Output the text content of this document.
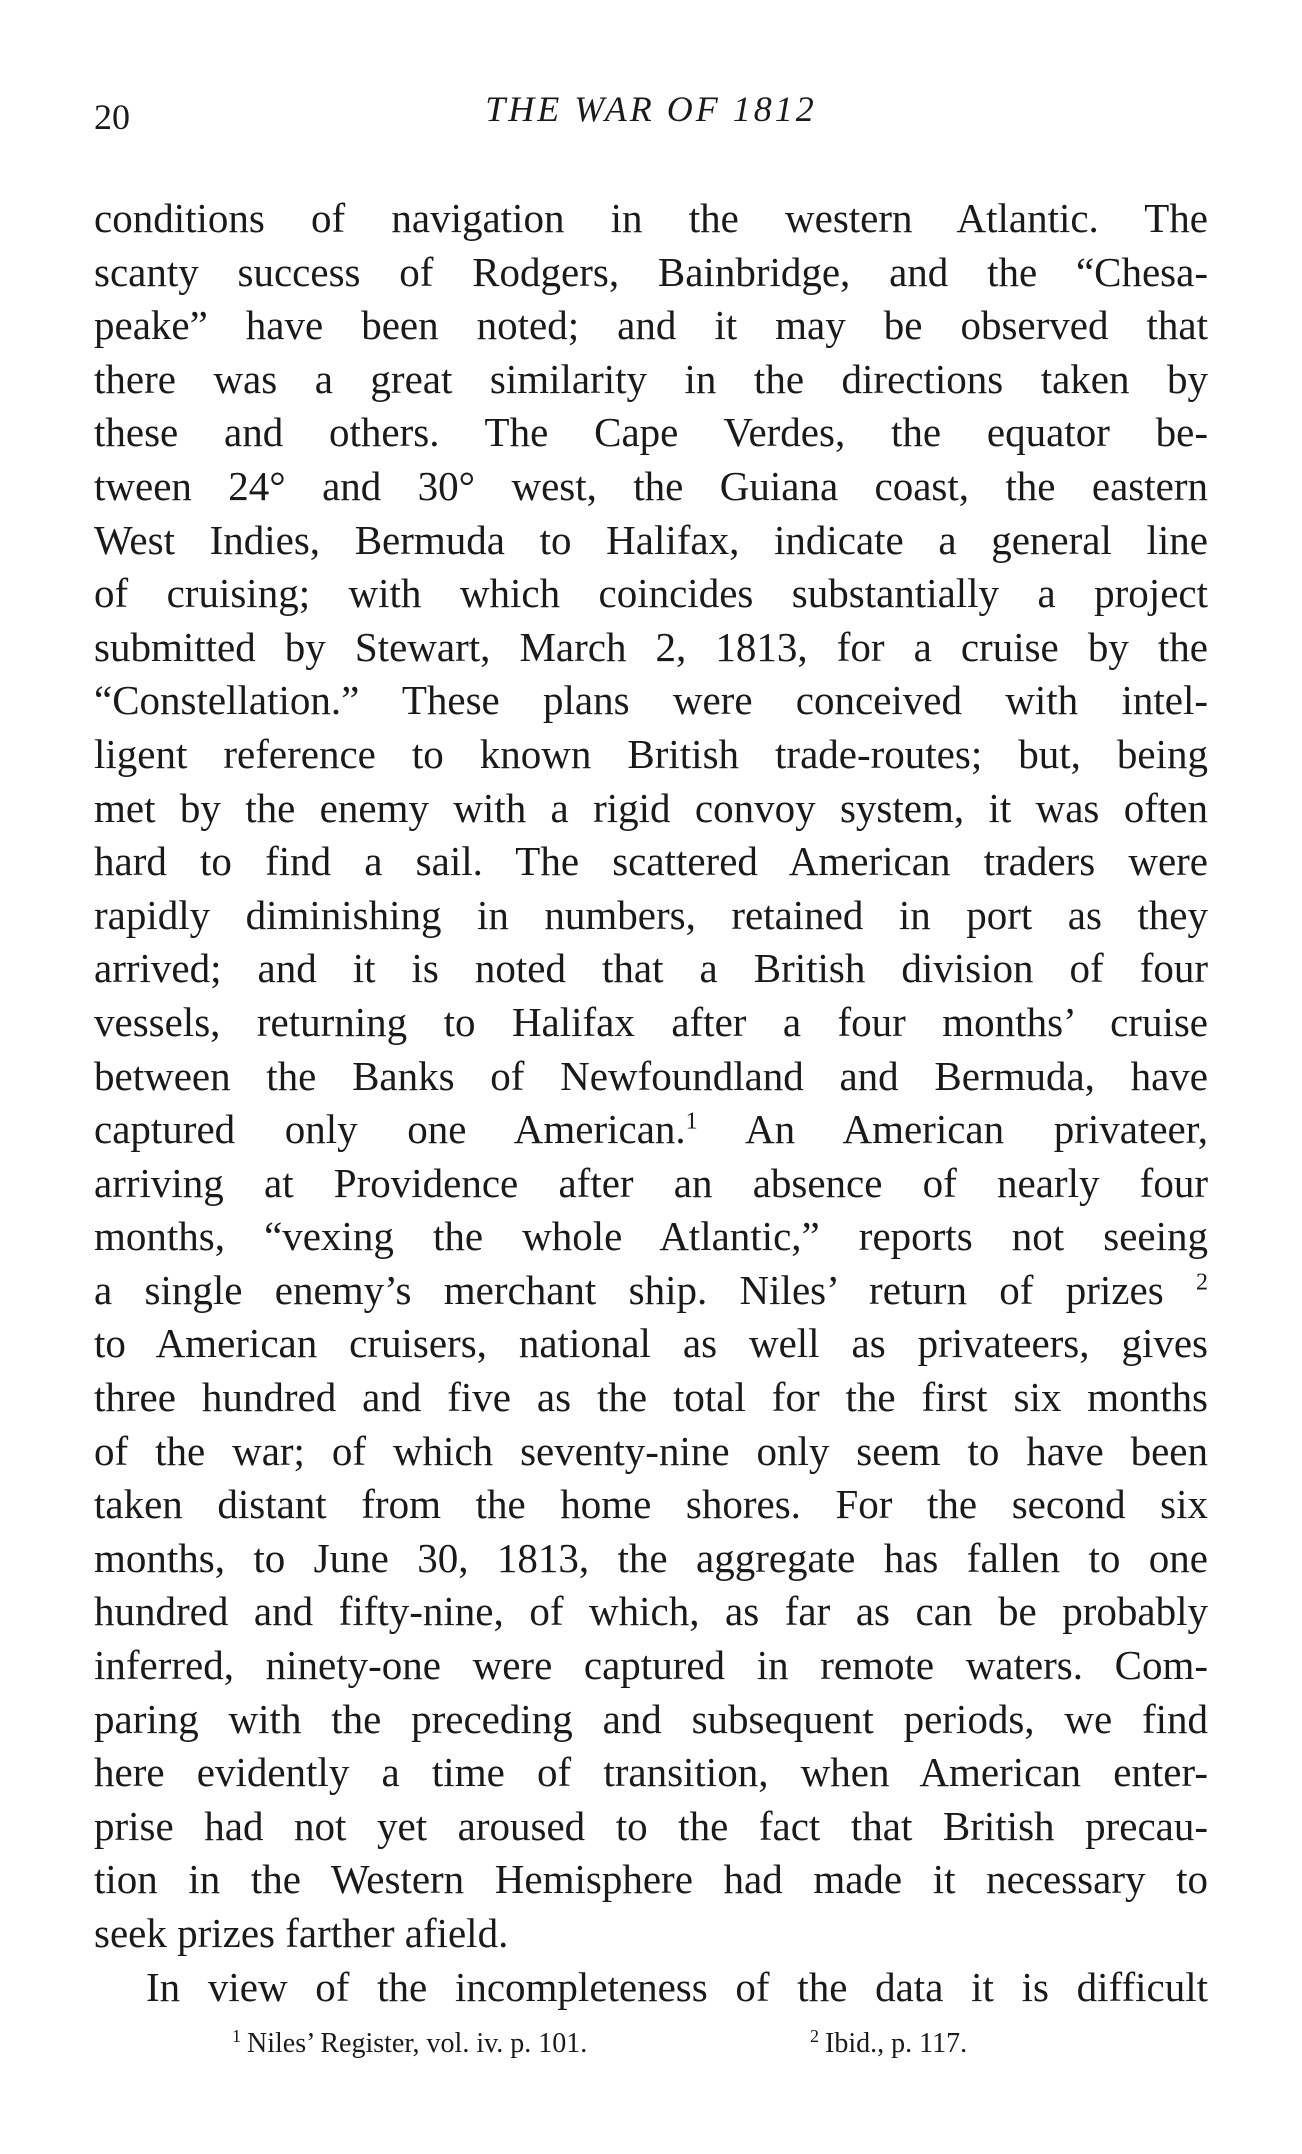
20	THE WAR OF 1812
conditions of navigation in the western Atlantic. The
scanty success of Rodgers, Bainbridge, and the “Chesa-
peake” have been noted; and it may be observed that
there was a great similarity in the directions taken by
these and others. The Cape Verdes, the equator be-
tween 24° and 30° west, the Guiana coast, the eastern
West Indies, Bermuda to Halifax, indicate a general line
of cruising; with which coincides substantially a project
submitted by Stewart, March 2, 1813, for a cruise by the
“Constellation.” These plans were conceived with intel-
ligent reference to known British trade-routes; but, being
met by the enemy with a rigid convoy system, it was often
hard to find a sail. The scattered American traders were
rapidly diminishing in numbers, retained in port as they
arrived; and it is noted that a British division of four
vessels, returning to Halifax after a four months’ cruise
between the Banks of Newfoundland and Bermuda, have
captured only one American.$^1$ An American privateer,
arriving at Providence after an absence of nearly four
months, “vexing the whole Atlantic,” reports not seeing
a single enemy’s merchant ship. Niles’ return of prizes $^2$
to American cruisers, national as well as privateers, gives
three hundred and five as the total for the first six months
of the war; of which seventy-nine only seem to have been
taken distant from the home shores. For the second six
months, to June 30, 1813, the aggregate has fallen to one
hundred and fifty-nine, of which, as far as can be probably
inferred, ninety-one were captured in remote waters. Com-
paring with the preceding and subsequent periods, we find
here evidently a time of transition, when American enter-
prise had not yet aroused to the fact that British precau-
tion in the Western Hemisphere had made it necessary to
seek prizes farther afield.
In view of the incompleteness of the data it is difficult
$^1$ Niles’ Register, vol. iv. p. 101.	$^2$ Ibid., p. 117.
